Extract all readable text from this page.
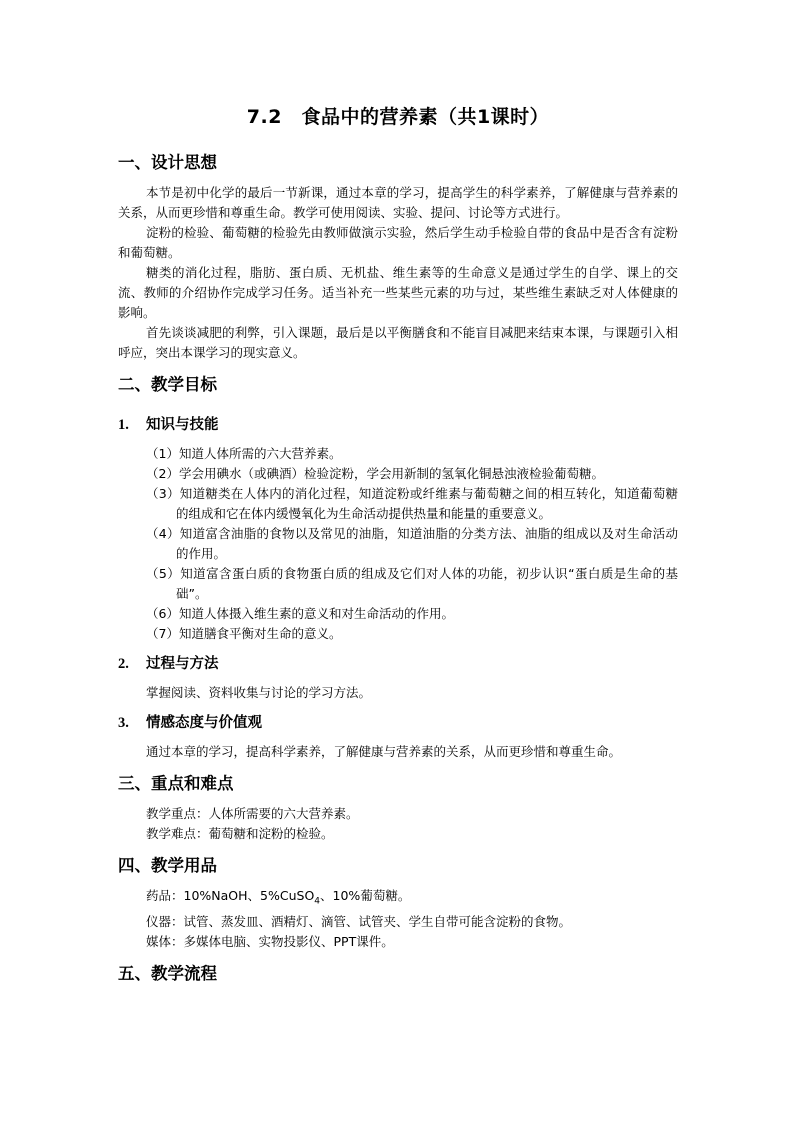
7.2　食品中的营养素（共1课时）
一、设计思想

本节是初中化学的最后一节新课，通过本章的学习，提高学生的科学素养，了解健康与营养素的关系，从而更珍惜和尊重生命。教学可使用阅读、实验、提问、讨论等方式进行。

淀粉的检验、葡萄糖的检验先由教师做演示实验，然后学生动手检验自带的食品中是否含有淀粉和葡萄糖。

糖类的消化过程，脂肪、蛋白质、无机盐、维生素等的生命意义是通过学生的自学、课上的交流、教师的介绍协作完成学习任务。适当补充一些某些元素的功与过，某些维生素缺乏对人体健康的影响。

首先谈谈减肥的利弊，引入课题，最后是以平衡膳食和不能盲目减肥来结束本课，与课题引入相呼应，突出本课学习的现实意义。

二、教学目标
1.	知识与技能

（1）知道人体所需的六大营养素。

（2）学会用碘水（或碘酒）检验淀粉，学会用新制的氢氧化铜悬浊液检验葡萄糖。

（3）知道糖类在人体内的消化过程，知道淀粉或纤维素与葡萄糖之间的相互转化，知道葡萄糖的组成和它在体内缓慢氧化为生命活动提供热量和能量的重要意义。

（4）知道富含油脂的食物以及常见的油脂，知道油脂的分类方法、油脂的组成以及对生命活动的作用。

（5）知道富含蛋白质的食物蛋白质的组成及它们对人体的功能，初步认识“蛋白质是生命的基础”。

（6）知道人体摄入维生素的意义和对生命活动的作用。

（7）知道膳食平衡对生命的意义。

2.	过程与方法

掌握阅读、资料收集与讨论的学习方法。

3.	情感态度与价值观

通过本章的学习，提高科学素养，了解健康与营养素的关系，从而更珍惜和尊重生命。

三、重点和难点

教学重点：人体所需要的六大营养素。

教学难点：葡萄糖和淀粉的检验。

四、教学用品

药品：10%NaOH、5%CuSO$_4$、10%葡萄糖。

仪器：试管、蒸发皿、酒精灯、滴管、试管夹、学生自带可能含淀粉的食物。

媒体：多媒体电脑、实物投影仪、PPT课件。

五、教学流程
